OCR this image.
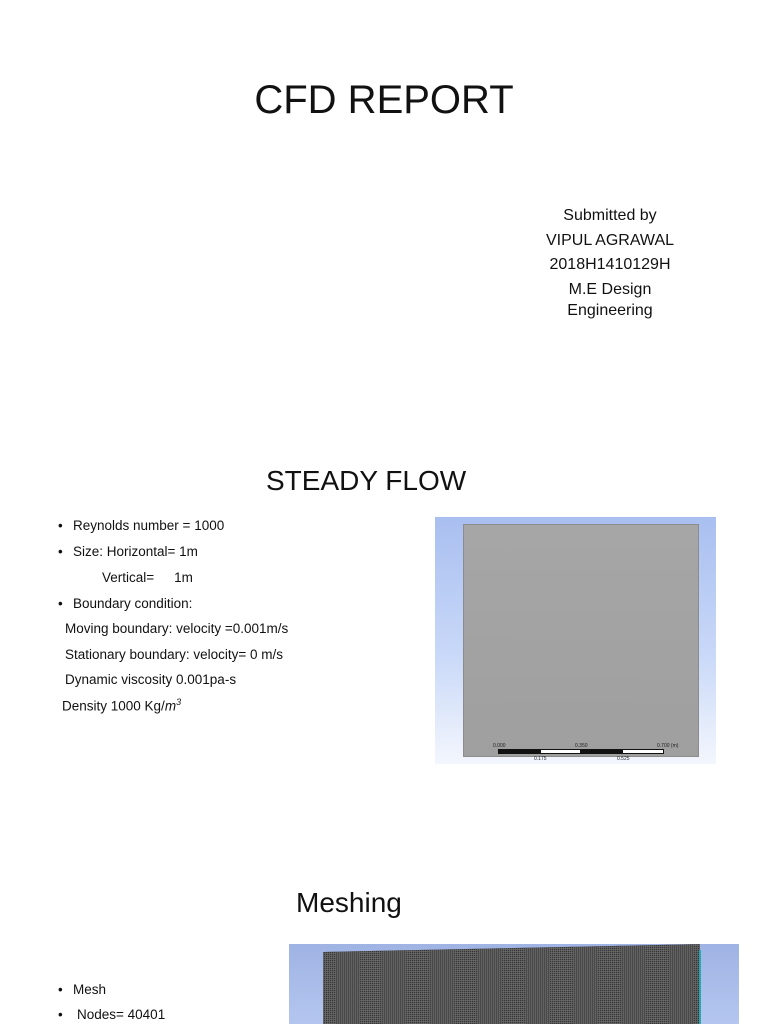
CFD REPORT
Submitted by
VIPUL AGRAWAL
2018H1410129H
M.E Design
Engineering
STEADY FLOW
• Reynolds number = 1000
• Size: Horizontal= 1m
Vertical= 1m
• Boundary condition:
Moving boundary: velocity =0.001m/s
Stationary boundary: velocity= 0 m/s
Dynamic viscosity 0.001pa-s
Density 1000 $Kg/m^3$
0.000	0.350	0.700 (m)
0.175	0.525
Meshing
• Mesh
• Nodes= 40401
